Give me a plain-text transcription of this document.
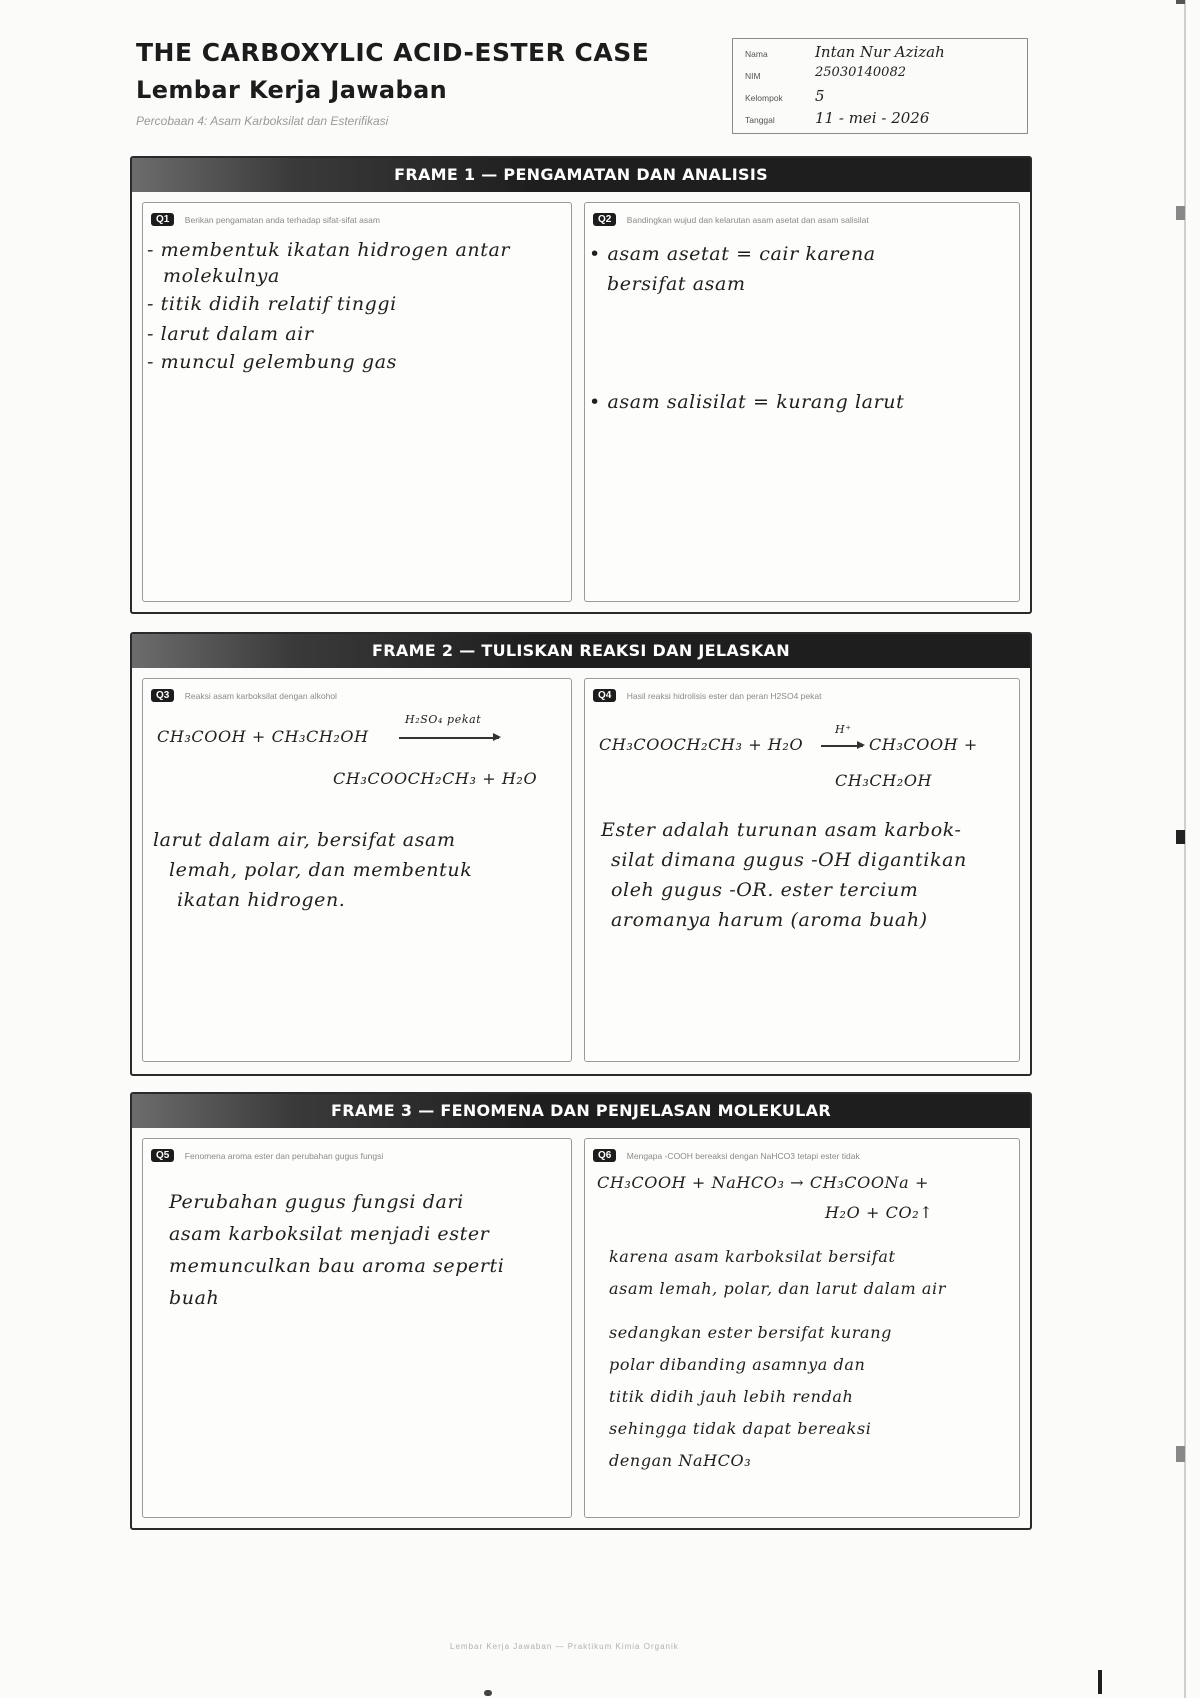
THE CARBOXYLIC ACID-ESTER CASE
Lembar Kerja Jawaban
Percobaan 4: Asam Karboksilat dan Esterifikasi
Nama	Intan Nur Azizah
NIM	25030140082
Kelompok 5
Tanggal	11 - mei - 2026
FRAME 1 — PENGAMATAN DAN ANALISIS
Q1 Berikan pengamatan anda terhadap sifat-sifat asam
- membentuk ikatan hidrogen antar
molekulnya
- titik didih relatif tinggi
- larut dalam air
- muncul gelembung gas
Q2 Bandingkan wujud dan kelarutan asam asetat dan asam salisilat
• asam asetat = cair karena
bersifat asam
• asam salisilat = kurang larut
FRAME 2 — TULISKAN REAKSI DAN JELASKAN
Q3 Reaksi asam karboksilat dengan alkohol
CH₃COOH + CH₃CH₂OH
H₂SO₄ pekat
CH₃COOCH₂CH₃ + H₂O
larut dalam air, bersifat asam
lemah, polar, dan membentuk
ikatan hidrogen.
Q4 Hasil reaksi hidrolisis ester dan peran H2SO4 pekat
CH₃COOCH₂CH₃ + H₂O
H⁺
→ CH₃COOH +
CH₃CH₂OH
Ester adalah turunan asam karbok-
silat dimana gugus -OH digantikan
oleh gugus -OR. ester tercium
aromanya harum (aroma buah)
FRAME 3 — FENOMENA DAN PENJELASAN MOLEKULAR
Q5 Fenomena aroma ester dan perubahan gugus fungsi
Perubahan gugus fungsi dari
asam karboksilat menjadi ester
memunculkan bau aroma seperti
buah
Q6 Mengapa -COOH bereaksi dengan NaHCO3 tetapi ester tidak
CH₃COOH + NaHCO₃ → CH₃COONa +
H₂O + CO₂↑
karena asam karboksilat bersifat
asam lemah, polar, dan larut dalam air
sedangkan ester bersifat kurang
polar dibanding asamnya dan
titik didih jauh lebih rendah
sehingga tidak dapat bereaksi
dengan NaHCO₃
Lembar Kerja Jawaban — Praktikum Kimia Organik
